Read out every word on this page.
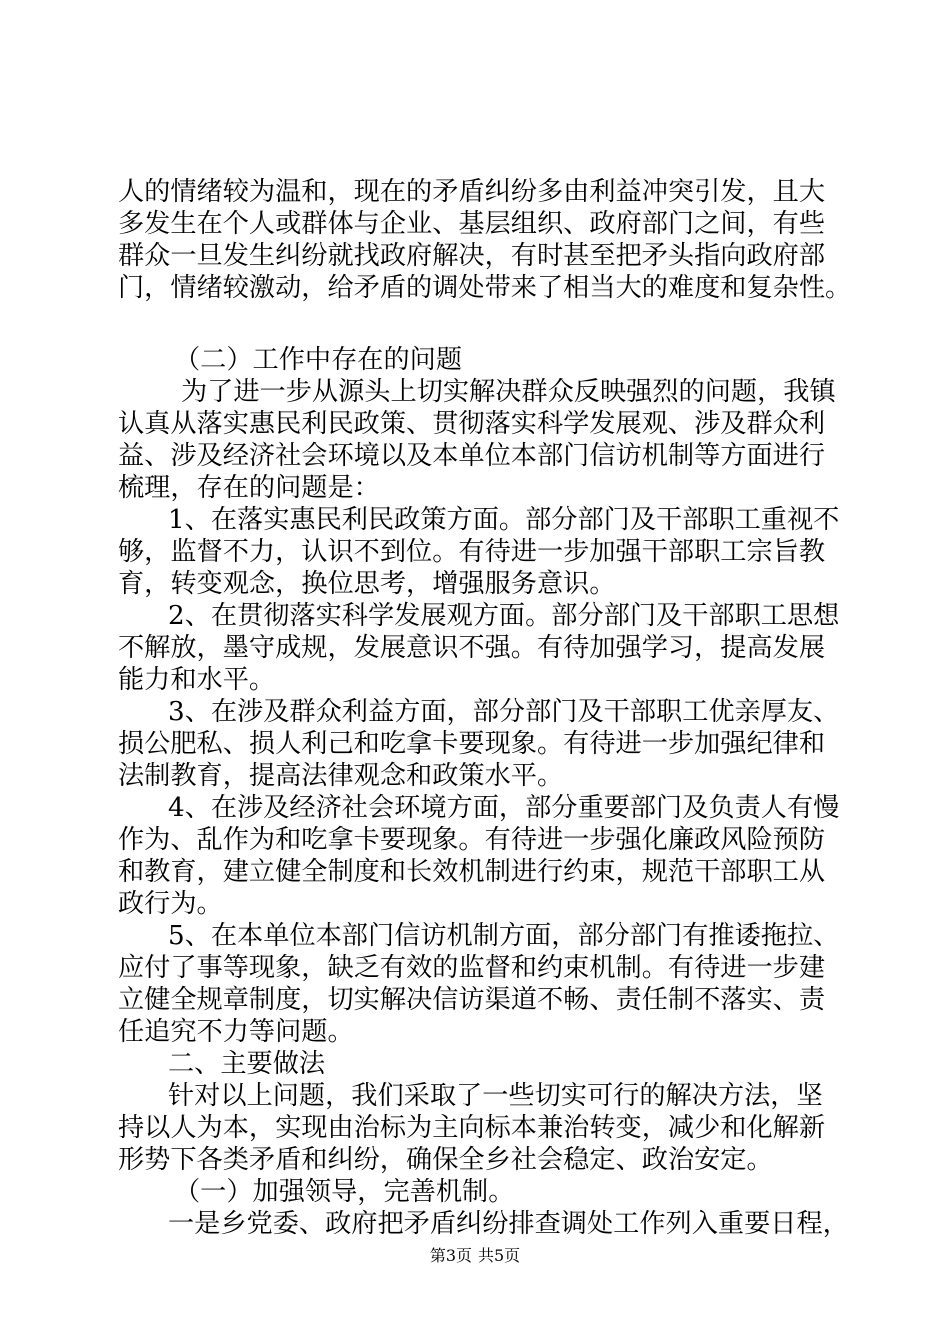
人的情绪较为温和，现在的矛盾纠纷多由利益冲突引发，且大
多发生在个人或群体与企业、基层组织、政府部门之间，有些
群众一旦发生纠纷就找政府解决，有时甚至把矛头指向政府部
门，情绪较激动，给矛盾的调处带来了相当大的难度和复杂性。
（二）工作中存在的问题
为了进一步从源头上切实解决群众反映强烈的问题，我镇
认真从落实惠民利民政策、贯彻落实科学发展观、涉及群众利
益、涉及经济社会环境以及本单位本部门信访机制等方面进行
梳理，存在的问题是：
1、在落实惠民利民政策方面。部分部门及干部职工重视不
够，监督不力，认识不到位。有待进一步加强干部职工宗旨教
育，转变观念，换位思考，增强服务意识。
2、在贯彻落实科学发展观方面。部分部门及干部职工思想
不解放，墨守成规，发展意识不强。有待加强学习，提高发展
能力和水平。
3、在涉及群众利益方面，部分部门及干部职工优亲厚友、
损公肥私、损人利己和吃拿卡要现象。有待进一步加强纪律和
法制教育，提高法律观念和政策水平。
4、在涉及经济社会环境方面，部分重要部门及负责人有慢
作为、乱作为和吃拿卡要现象。有待进一步强化廉政风险预防
和教育，建立健全制度和长效机制进行约束，规范干部职工从
政行为。
5、在本单位本部门信访机制方面，部分部门有推诿拖拉、
应付了事等现象，缺乏有效的监督和约束机制。有待进一步建
立健全规章制度，切实解决信访渠道不畅、责任制不落实、责
任追究不力等问题。
二、主要做法
针对以上问题，我们采取了一些切实可行的解决方法，坚
持以人为本，实现由治标为主向标本兼治转变，减少和化解新
形势下各类矛盾和纠纷，确保全乡社会稳定、政治安定。
（一）加强领导，完善机制。
一是乡党委、政府把矛盾纠纷排查调处工作列入重要日程，
第3页 共5页
